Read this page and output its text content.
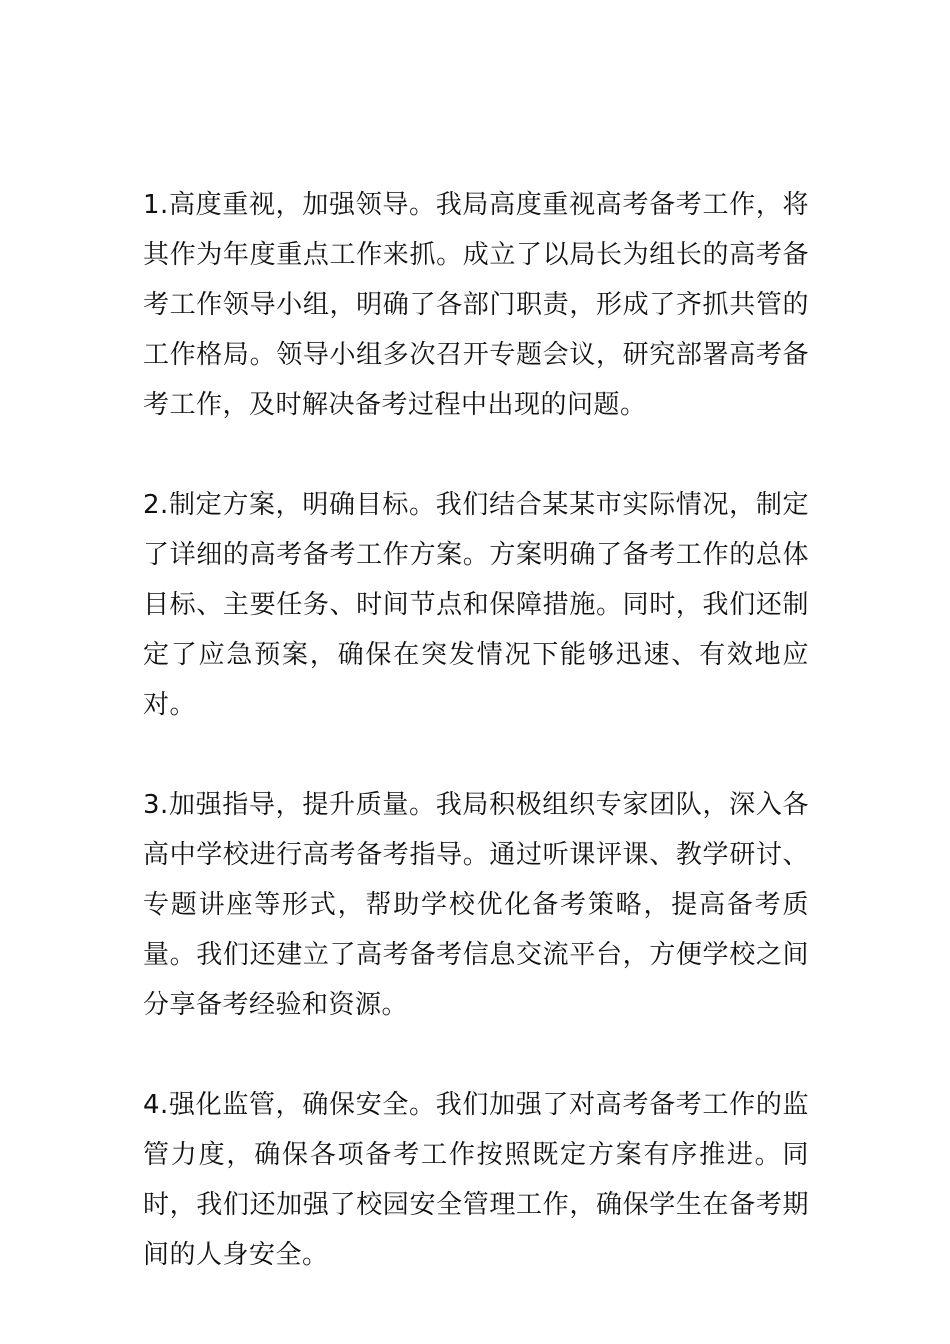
1.高度重视，加强领导。我局高度重视高考备考工作，将其作为年度重点工作来抓。成立了以局长为组长的高考备考工作领导小组，明确了各部门职责，形成了齐抓共管的工作格局。领导小组多次召开专题会议，研究部署高考备考工作，及时解决备考过程中出现的问题。

2.制定方案，明确目标。我们结合某某市实际情况，制定了详细的高考备考工作方案。方案明确了备考工作的总体目标、主要任务、时间节点和保障措施。同时，我们还制定了应急预案，确保在突发情况下能够迅速、有效地应对。

3.加强指导，提升质量。我局积极组织专家团队，深入各高中学校进行高考备考指导。通过听课评课、教学研讨、专题讲座等形式，帮助学校优化备考策略，提高备考质量。我们还建立了高考备考信息交流平台，方便学校之间分享备考经验和资源。

4.强化监管，确保安全。我们加强了对高考备考工作的监管力度，确保各项备考工作按照既定方案有序推进。同时，我们还加强了校园安全管理工作，确保学生在备考期间的人身安全。
